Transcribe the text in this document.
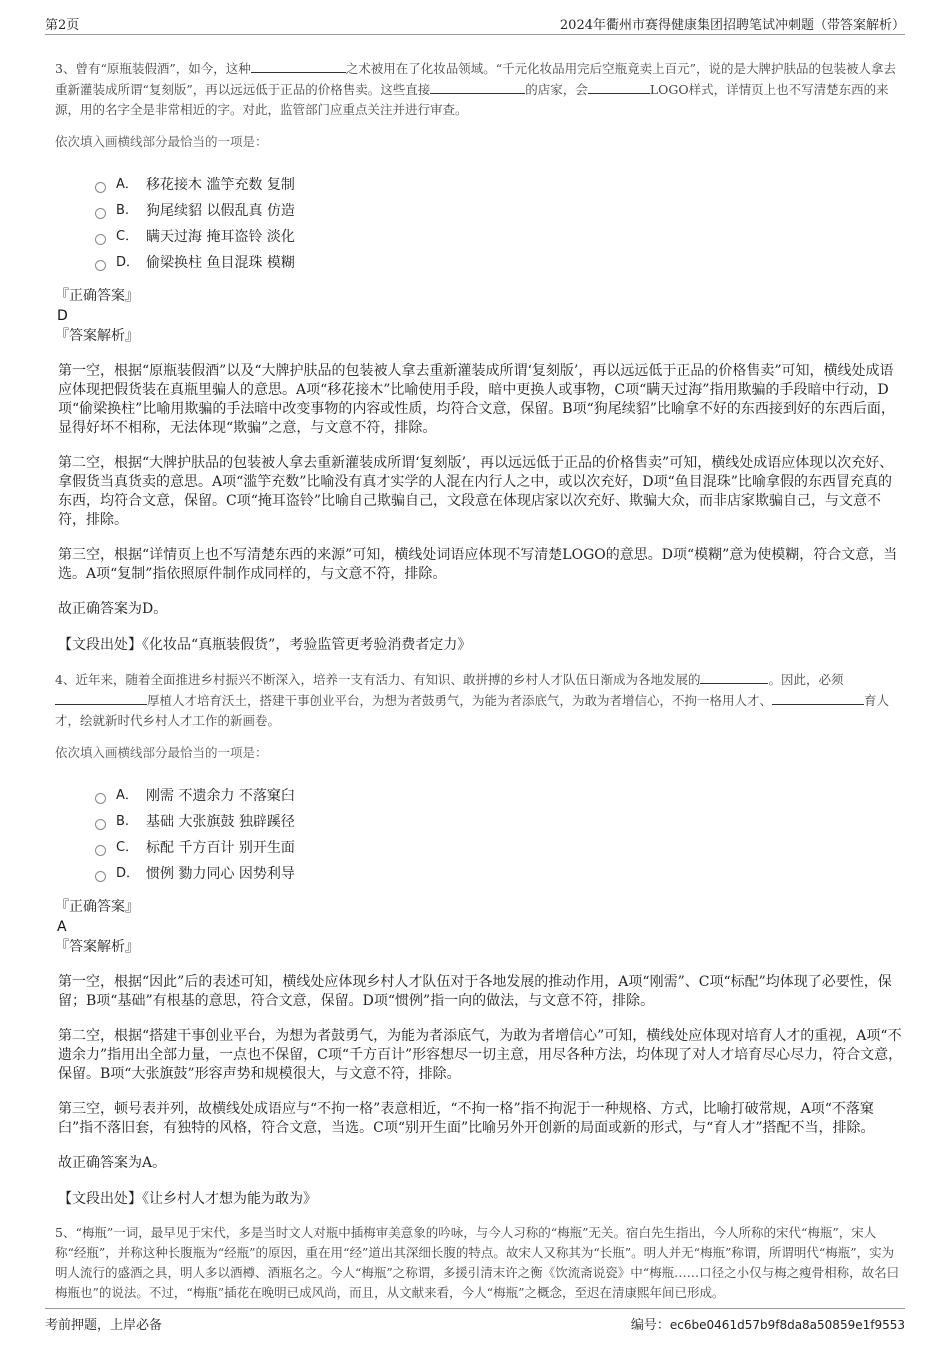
第2页	2024年衢州市赛得健康集团招聘笔试冲刺题（带答案解析）
3、曾有“原瓶装假酒”，如今，这种	之术被用在了化妆品领域。“千元化妆品用完后空瓶竟卖上百元”，说的是大牌护肤品的包装被人拿去重新灌装成所谓“复刻版”，再以远远低于正品的价格售卖。这些直接	的店家，会	LOGO样式，详情页上也不写清楚东西的来源，用的名字全是非常相近的字。对此，监管部门应重点关注并进行审查。
依次填入画横线部分最恰当的一项是：
A． 移花接木 滥竽充数 复制
B.	狗尾续貂 以假乱真 仿造
C． 瞒天过海 掩耳盗铃 淡化
D． 偷梁换柱 鱼目混珠 模糊
『正确答案』
D
『答案解析』
第一空，根据“原瓶装假酒”以及“大牌护肤品的包装被人拿去重新灌装成所谓‘复刻版’，再以远远低于正品的价格售卖”可知，横线处成语应体现把假货装在真瓶里骗人的意思。A项“移花接木”比喻使用手段，暗中更换人或事物，C项“瞒天过海”指用欺骗的手段暗中行动，D项“偷梁换柱”比喻用欺骗的手法暗中改变事物的内容或性质，均符合文意，保留。B项“狗尾续貂”比喻拿不好的东西接到好的东西后面，显得好坏不相称，无法体现“欺骗”之意，与文意不符，排除。
第二空，根据“大牌护肤品的包装被人拿去重新灌装成所谓‘复刻版’，再以远远低于正品的价格售卖”可知，横线处成语应体现以次充好、拿假货当真货卖的意思。A项“滥竽充数”比喻没有真才实学的人混在内行人之中，或以次充好，D项“鱼目混珠”比喻拿假的东西冒充真的东西，均符合文意，保留。C项“掩耳盗铃”比喻自己欺骗自己，文段意在体现店家以次充好、欺骗大众，而非店家欺骗自己，与文意不符，排除。
第三空，根据“详情页上也不写清楚东西的来源”可知，横线处词语应体现不写清楚LOGO的意思。D项“模糊”意为使模糊，符合文意，当选。A项“复制”指依照原件制作成同样的，与文意不符，排除。
故正确答案为D。
【文段出处】《化妆品“真瓶装假货”，考验监管更考验消费者定力》
4、近年来，随着全面推进乡村振兴不断深入，培养一支有活力、有知识、敢拼搏的乡村人才队伍日渐成为各地发展的	。因此，必须厚植人才培育沃土，搭建干事创业平台，为想为者鼓勇气，为能为者添底气，为敢为者增信心，不拘一格用人才、	育人才，绘就新时代乡村人才工作的新画卷。
依次填入画横线部分最恰当的一项是：
A． 刚需 不遗余力 不落窠臼
B.	基础 大张旗鼓 独辟蹊径
C． 标配 千方百计 别开生面
D． 惯例 勠力同心 因势利导
『正确答案』
A
『答案解析』
第一空，根据“因此”后的表述可知，横线处应体现乡村人才队伍对于各地发展的推动作用，A项“刚需”、C项“标配”均体现了必要性，保留；B项“基础”有根基的意思，符合文意，保留。D项“惯例”指一向的做法，与文意不符，排除。
第二空，根据“搭建干事创业平台，为想为者鼓勇气，为能为者添底气，为敢为者增信心”可知，横线处应体现对培育人才的重视，A项“不遗余力”指用出全部力量，一点也不保留，C项“千方百计”形容想尽一切主意，用尽各种方法，均体现了对人才培育尽心尽力，符合文意，保留。B项“大张旗鼓”形容声势和规模很大，与文意不符，排除。
第三空，顿号表并列，故横线处成语应与“不拘一格”表意相近，“不拘一格”指不拘泥于一种规格、方式，比喻打破常规，A项“不落窠臼”指不落旧套，有独特的风格，符合文意，当选。C项“别开生面”比喻另外开创新的局面或新的形式，与“育人才”搭配不当，排除。
故正确答案为A。
【文段出处】《让乡村人才想为能为敢为》
5、“梅瓶”一词，最早见于宋代，多是当时文人对瓶中插梅审美意象的吟咏，与今人习称的“梅瓶”无关。宿白先生指出，今人所称的宋代“梅瓶”，宋人称“经瓶”，并称这种长腹瓶为“经瓶”的原因，重在用“经”道出其深细长腹的特点。故宋人又称其为“长瓶”。明人并无“梅瓶”称谓，所谓明代“梅瓶”，实为明人流行的盛酒之具，明人多以酒樽、酒瓶名之。今人“梅瓶”之称谓，多援引清末许之衡《饮流斋说瓷》中“梅瓶……口径之小仅与梅之瘦骨相称，故名曰梅瓶也”的说法。不过，“梅瓶”插花在晚明已成风尚，而且，从文献来看，今人“梅瓶”之概念，至迟在清康熙年间已形成。
考前押题，上岸必备	编号：ec6be0461d57b9f8da8a50859e1f9553
